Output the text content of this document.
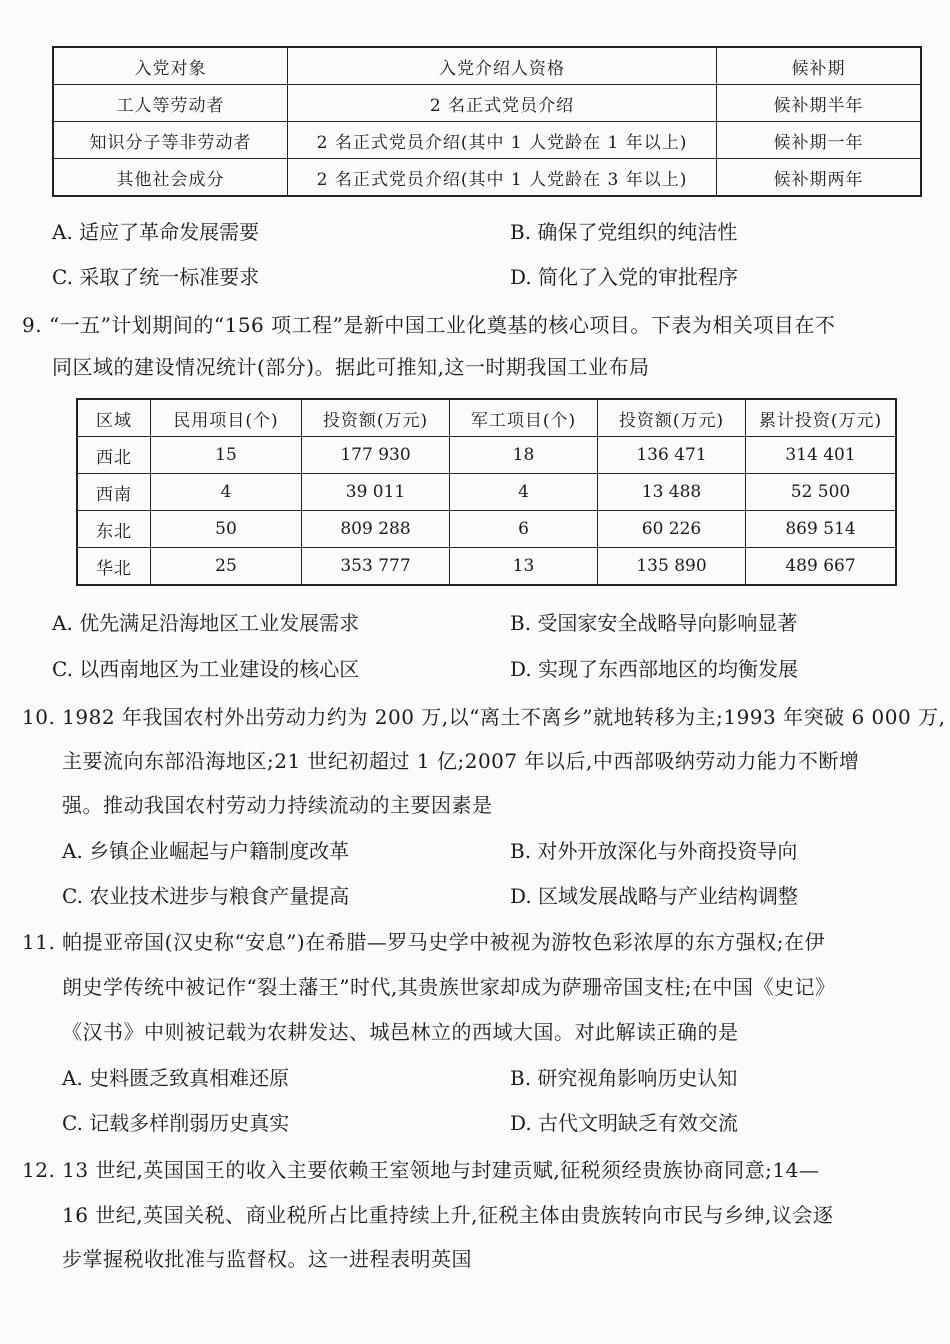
入党对象	入党介绍人资格	候补期
工人等劳动者	2 名正式党员介绍	候补期半年
知识分子等非劳动者	2 名正式党员介绍(其中 1 人党龄在 1 年以上)	候补期一年
其他社会成分	2 名正式党员介绍(其中 1 人党龄在 3 年以上)	候补期两年
A. 适应了革命发展需要	B. 确保了党组织的纯洁性
C. 采取了统一标准要求	D. 简化了入党的审批程序
9. “一五”计划期间的“156 项工程”是新中国工业化奠基的核心项目。下表为相关项目在不
同区域的建设情况统计(部分)。据此可推知,这一时期我国工业布局
区域	民用项目(个)	投资额(万元)	军工项目(个)	投资额(万元)	累计投资(万元)
西北	15	177 930	18	136 471	314 401
西南	4	39 011	4	13 488	52 500
东北	50	809 288	6	60 226	869 514
华北	25	353 777	13	135 890	489 667
A. 优先满足沿海地区工业发展需求	B. 受国家安全战略导向影响显著
C. 以西南地区为工业建设的核心区	D. 实现了东西部地区的均衡发展
10. 1982 年我国农村外出劳动力约为 200 万,以“离土不离乡”就地转移为主;1993 年突破 6 000 万,
主要流向东部沿海地区;21 世纪初超过 1 亿;2007 年以后,中西部吸纳劳动力能力不断增
强。推动我国农村劳动力持续流动的主要因素是
A. 乡镇企业崛起与户籍制度改革	B. 对外开放深化与外商投资导向
C. 农业技术进步与粮食产量提高	D. 区域发展战略与产业结构调整
11. 帕提亚帝国(汉史称“安息”)在希腊—罗马史学中被视为游牧色彩浓厚的东方强权;在伊
朗史学传统中被记作“裂土藩王”时代,其贵族世家却成为萨珊帝国支柱;在中国《史记》
《汉书》中则被记载为农耕发达、城邑林立的西域大国。对此解读正确的是
A. 史料匮乏致真相难还原	B. 研究视角影响历史认知
C. 记载多样削弱历史真实	D. 古代文明缺乏有效交流
12. 13 世纪,英国国王的收入主要依赖王室领地与封建贡赋,征税须经贵族协商同意;14—
16 世纪,英国关税、商业税所占比重持续上升,征税主体由贵族转向市民与乡绅,议会逐
步掌握税收批准与监督权。这一进程表明英国
